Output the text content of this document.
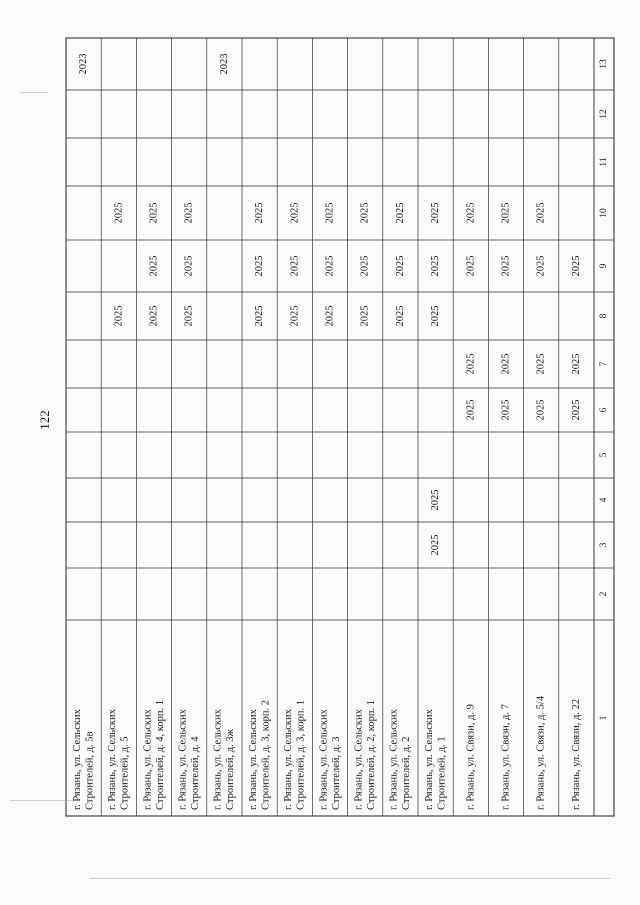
122
1
2
3
4
5
6
7
8
9
10
11
12
13
г. Рязань, ул. Связи, д. 22
2025
2025
2025
г. Рязань, ул. Связи, д. 5/4
2025
2025
2025
2025
г. Рязань, ул. Связи, д. 7
2025
2025
2025
2025
г. Рязань, ул. Связи, д. 9
2025
2025
2025
2025
г. Рязань, ул. Сельских Строителей, д. 1
2025
2025
2025
2025
2025
г. Рязань, ул. Сельских Строителей, д. 2
2025
2025
2025
г. Рязань, ул. Сельских Строителей, д. 2, корп. 1
2025
2025
2025
г. Рязань, ул. Сельских Строителей, д. 3
2025
2025
2025
г. Рязань, ул. Сельских Строителей, д. 3, корп. 1
2025
2025
2025
г. Рязань, ул. Сельских Строителей, д. 3, корп. 2
2025
2025
2025
г. Рязань, ул. Сельских Строителей, д. 3ж
2023
г. Рязань, ул. Сельских Строителей, д. 4
2025
2025
2025
г. Рязань, ул. Сельских Строителей, д. 4, корп. 1
2025
2025
2025
г. Рязань, ул. Сельских Строителей, д. 5
2025
2025
г. Рязань, ул. Сельских Строителей, д. 5в
2023
